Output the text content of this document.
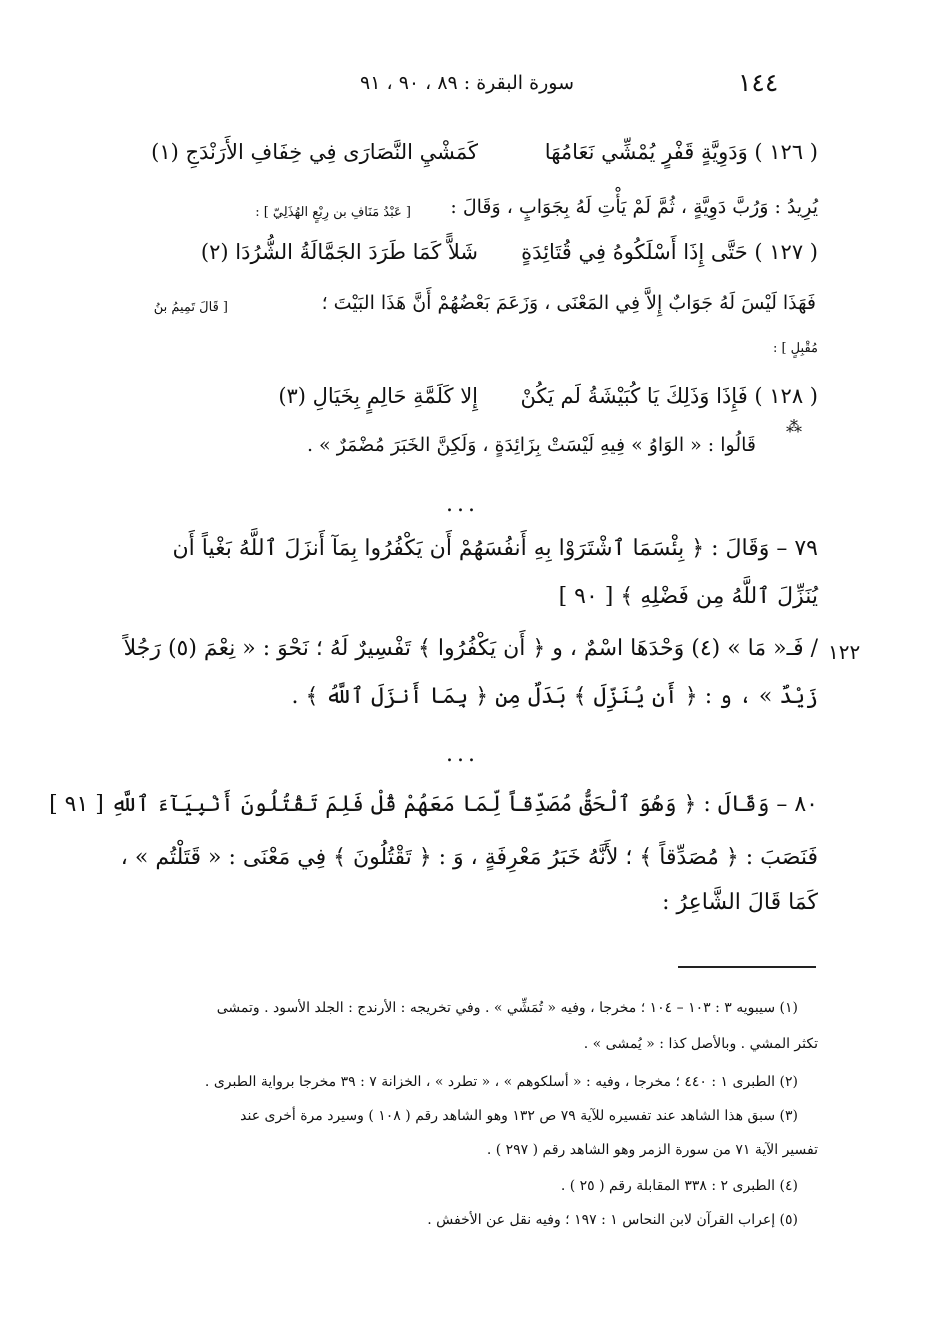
١٤٤
سورة البقرة : ٨٩ ، ٩٠ ، ٩١
( ١٢٦ ) وَدَوِيَّةٍ قَفْرٍ يُمْشِّي نَعَامُهَا
كَمَشْيِ النَّصَارَى فِي خِفَافِ الأَرَنْدَجِ (١)
يُرِيدُ : وَرُبَّ دَوِيَّةٍ ، ثُمَّ لَمْ يَأْتِ لَهُ بِجَوَابٍ ، وَقَالَ :
[ عَبْدُ مَنَافِ بن رِبْعٍ الهُذَلِيّ ] :
( ١٢٧ ) حَتَّى إِذَا أَسْلَكُوهُ فِي قُتَائِدَةٍ
شَلاًّ كَمَا طَرَدَ الجَمَّالَةُ الشُّرُدَا (٢)
فَهَذَا لَيْسَ لَهُ جَوَابٌ إِلاَّ فِي المَعْنَى ، وَزَعَمَ بَعْضُهُمْ أَنَّ هَذَا البَيْتَ ؛
[ قَالَ تَمِيمُ بنُ
مُقْبِلٍ ] :
( ١٢٨ ) فَإِذَا وَذَلِكَ يَا كُبَيْشَةُ لَم يَكُنْ
إِلا كَلَمَّةِ حَالِمٍ بِخَيَالِ (٣)
⁂
قَالُوا : « الوَاوُ » فِيهِ لَيْسَتْ بِزَائِدَةٍ ، وَلَكِنَّ الخَبَرَ مُضْمَرٌ » .
...
٧٩ – وَقَالَ : ﴿ بِئْسَمَا ٱشْتَرَوْا بِهِ أَنفُسَهُمْ أَن يَكْفُرُوا بِمَآ أَنزَلَ ٱللَّهُ بَغْياً أَن
يُنَزِّلَ ٱللَّهُ مِن فَضْلِهِ ﴾ [ ٩٠ ]
/ فَـ« مَا » (٤) وَحْدَهَا اسْمٌ ، و ﴿ أَن يَكْفُرُوا ﴾ تَفْسِيرٌ لَهُ ؛ نَحْوَ : « نِعْمَ (٥) رَجُلاً
زَيْدٌ » ، و : ﴿ أَن يُنَزِّلَ ﴾ بَدَلٌ مِن ﴿ بِمَا أَنزَلَ ٱللَّهُ ﴾ .
١٢٢
...
٨٠ – وَقَالَ : ﴿ وَهُوَ ٱلْحَقُّ مُصَدِّقاً لِّمَا مَعَهُمْ قُلْ فَلِمَ تَقْتُلُونَ أَنْبِيَآءَ ٱللَّهِ [ ٩١ ]
فَنَصَبَ : ﴿ مُصَدِّقاً ﴾ ؛ لأَنَّهُ خَبَرُ مَعْرِفَةٍ ، وَ : ﴿ تَقْتُلُونَ ﴾ فِي مَعْنَى : « قَتَلْتُم » ،
كَمَا قَالَ الشَّاعِرُ :
(١) سيبويه ٣ : ١٠٣ – ١٠٤ ؛ مخرجا ، وفيه « تُمَشِّي » . وفي تخريجه : الأرندج : الجلد الأسود . وتمشى
تكثر المشي . وبالأصل كذا : « يُمشى » .
(٢) الطبرى ١ : ٤٤٠ ؛ مخرجا ، وفيه : « أسلكوهم » ، « تطرد » ، الخزانة ٧ : ٣٩ مخرجا برواية الطبرى .
(٣) سبق هذا الشاهد عند تفسيره للآية ٧٩ ص ١٣٢ وهو الشاهد رقم ( ١٠٨ ) وسيرد مرة أخرى عند
تفسير الآية ٧١ من سورة الزمر وهو الشاهد رقم ( ٢٩٧ ) .
(٤) الطبرى ٢ : ٣٣٨ المقابلة رقم ( ٢٥ ) .
(٥) إعراب القرآن لابن النحاس ١ : ١٩٧ ؛ وفيه نقل عن الأخفش .
